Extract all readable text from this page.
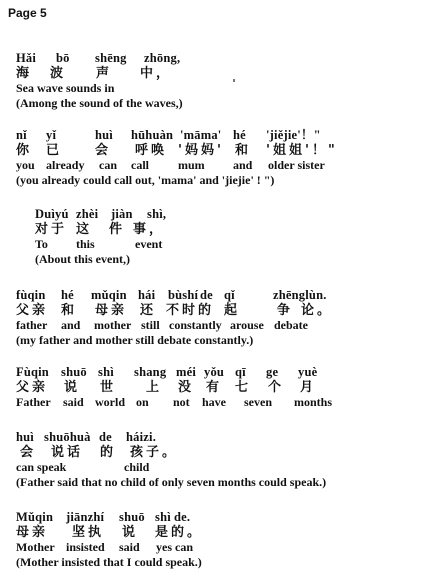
Page 5
Hǎi bō shēng zhōng,
海 波 声 中，
Sea wave sounds in
(Among the sound of the waves,)
nǐ yǐ	huì hūhuàn 'māma' hé 'jiějie'！"
你 已	会 呼唤 '妈妈' 和 '姐姐'！"
you already can call mum and older sister
(you already could call out, 'mama' and 'jiejie' ! ")
Duìyú zhèi jiàn shì,
对于 这 件 事，
To this	event
(About this event,)
fùqin hé mǔqin hái bùshí de qǐ	zhēnglùn.
父亲 和 母亲 还 不时的 起	争 论。
father and mother still constantly arouse debate
(my father and mother still debate constantly.)
Fùqin shuō shì shang méi yǒu qī ge yuè
父亲 说 世 上 没 有 七 个 月
Father said world on not have seven months
huì shuōhuà de háizi.
会 说话 的 孩子。
can speak	child
(Father said that no child of only seven months could speak.)
Mǔqin jiānzhí shuō shì de.
母亲 坚执 说 是的。
Mother insisted said yes can
(Mother insisted that I could speak.)
